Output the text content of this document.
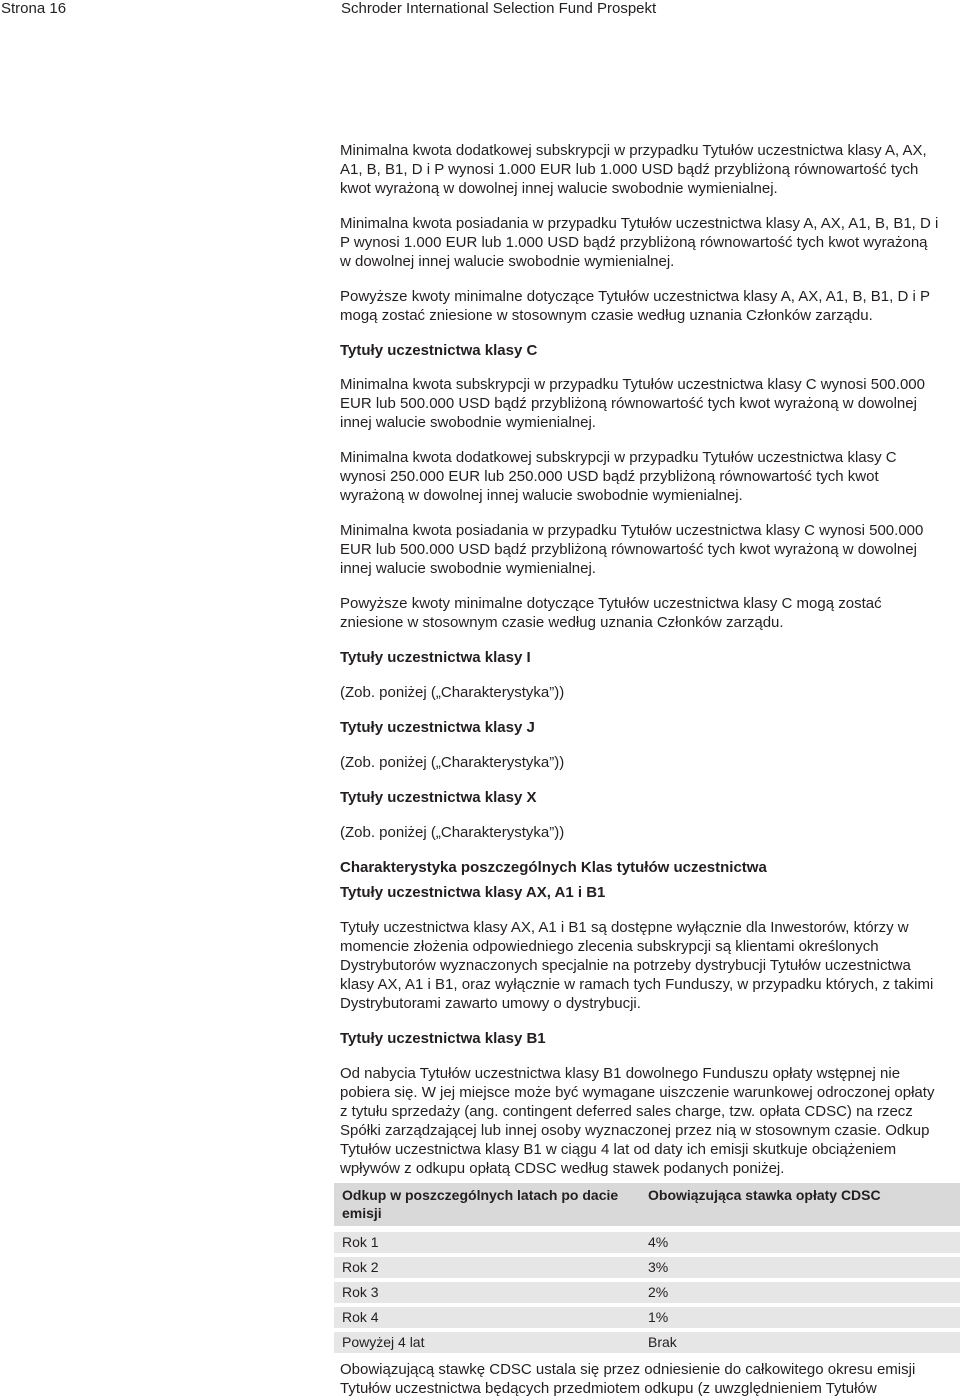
Strona 16	Schroder International Selection Fund Prospekt

Minimalna kwota dodatkowej subskrypcji w przypadku Tytułów uczestnictwa klasy A, AX, A1, B, B1, D i P wynosi 1.000 EUR lub 1.000 USD bądź przybliżoną równowartość tych kwot wyrażoną w dowolnej innej walucie swobodnie wymienialnej.

Minimalna kwota posiadania w przypadku Tytułów uczestnictwa klasy A, AX, A1, B, B1, D i P wynosi 1.000 EUR lub 1.000 USD bądź przybliżoną równowartość tych kwot wyrażoną w dowolnej innej walucie swobodnie wymienialnej.

Powyższe kwoty minimalne dotyczące Tytułów uczestnictwa klasy A, AX, A1, B, B1, D i P mogą zostać zniesione w stosownym czasie według uznania Członków zarządu.

Tytuły uczestnictwa klasy C

Minimalna kwota subskrypcji w przypadku Tytułów uczestnictwa klasy C wynosi 500.000 EUR lub 500.000 USD bądź przybliżoną równowartość tych kwot wyrażoną w dowolnej innej walucie swobodnie wymienialnej.

Minimalna kwota dodatkowej subskrypcji w przypadku Tytułów uczestnictwa klasy C wynosi 250.000 EUR lub 250.000 USD bądź przybliżoną równowartość tych kwot wyrażoną w dowolnej innej walucie swobodnie wymienialnej.

Minimalna kwota posiadania w przypadku Tytułów uczestnictwa klasy C wynosi 500.000 EUR lub 500.000 USD bądź przybliżoną równowartość tych kwot wyrażoną w dowolnej innej walucie swobodnie wymienialnej.

Powyższe kwoty minimalne dotyczące Tytułów uczestnictwa klasy C mogą zostać zniesione w stosownym czasie według uznania Członków zarządu.

Tytuły uczestnictwa klasy I

(Zob. poniżej („Charakterystyka”))

Tytuły uczestnictwa klasy J

(Zob. poniżej („Charakterystyka”))

Tytuły uczestnictwa klasy X

(Zob. poniżej („Charakterystyka”))

Charakterystyka poszczególnych Klas tytułów uczestnictwa
Tytuły uczestnictwa klasy AX, A1 i B1

Tytuły uczestnictwa klasy AX, A1 i B1 są dostępne wyłącznie dla Inwestorów, którzy w momencie złożenia odpowiedniego zlecenia subskrypcji są klientami określonych Dystrybutorów wyznaczonych specjalnie na potrzeby dystrybucji Tytułów uczestnictwa klasy AX, A1 i B1, oraz wyłącznie w ramach tych Funduszy, w przypadku których, z takimi Dystrybutorami zawarto umowy o dystrybucji.

Tytuły uczestnictwa klasy B1

Od nabycia Tytułów uczestnictwa klasy B1 dowolnego Funduszu opłaty wstępnej nie pobiera się. W jej miejsce może być wymagane uiszczenie warunkowej odroczonej opłaty z tytułu sprzedaży (ang. contingent deferred sales charge, tzw. opłata CDSC) na rzecz Spółki zarządzającej lub innej osoby wyznaczonej przez nią w stosownym czasie. Odkup Tytułów uczestnictwa klasy B1 w ciągu 4 lat od daty ich emisji skutkuje obciążeniem wpływów z odkupu opłatą CDSC według stawek podanych poniżej.

Odkup w poszczególnych latach po dacie emisji	Obowiązująca stawka opłaty CDSC

Rok 1	4%

Rok 2	3%

Rok 3	2%

Rok 4	1%

Powyżej 4 lat	Brak

Obowiązującą stawkę CDSC ustala się przez odniesienie do całkowitego okresu emisji Tytułów uczestnictwa będących przedmiotem odkupu (z uwzględnieniem Tytułów
